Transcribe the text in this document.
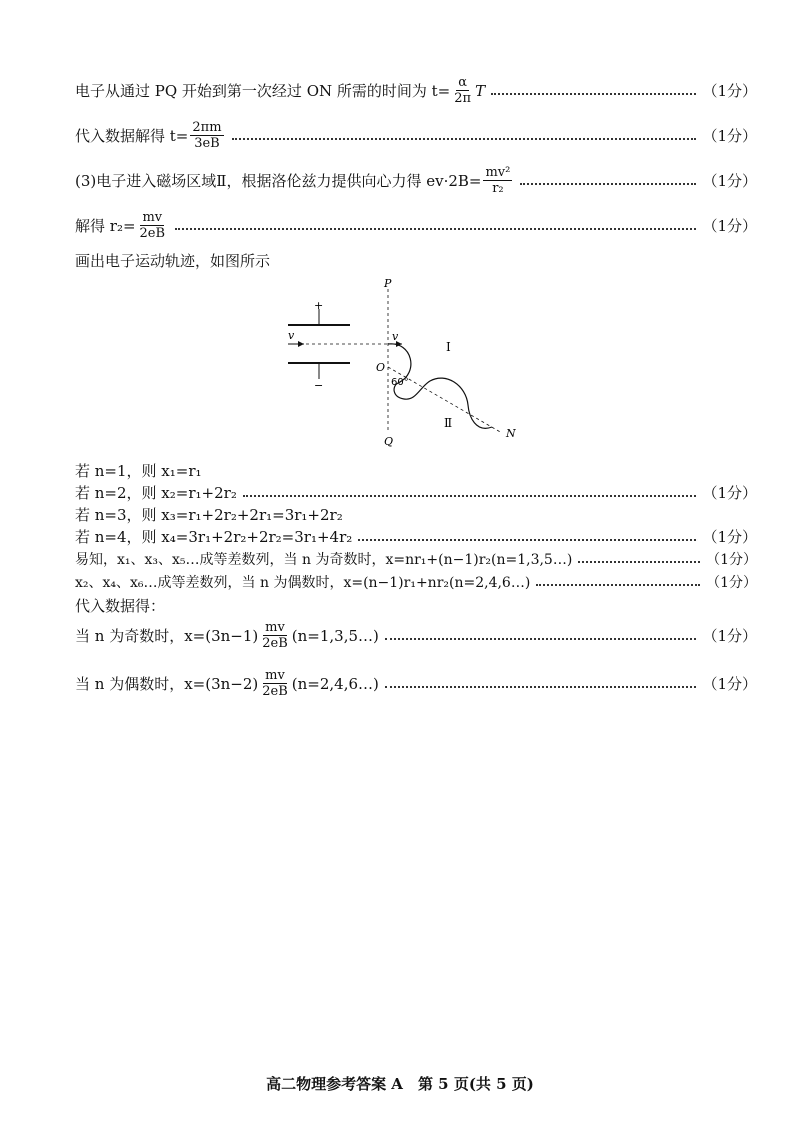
电子从通过 PQ 开始到第一次经过 ON 所需的时间为 $t= \frac{\alpha}{2\pi}$ T	（1分）
代入数据解得 $t= \frac{2\pi m}{3eB}$	（1分）
(3)电子进入磁场区域Ⅱ，根据洛伦兹力提供向心力得 $ev\cdot 2B= \frac{\text{mv²}}{\text{r₂}}$	（1分）
解得 $r_2= \frac{mv}{2eB}$	（1分）
画出电子运动轨迹，如图所示
+
−
v
P
Q
O
v
N
60°
Ⅰ
Ⅱ
若 n=1，则 x₁=r₁
若 n=2，则 x₂=r₁+2r₂	（1分）
若 n=3，则 x₃=r₁+2r₂+2r₁=3r₁+2r₂
若 n=4，则 x₄=3r₁+2r₂+2r₂=3r₁+4r₂	（1分）
易知，x₁、x₃、x₅…成等差数列，当 n 为奇数时，x=nr₁+(n−1)r₂(n=1,3,5…)	（1分）
x₂、x₄、x₆…成等差数列，当 n 为偶数时，x=(n−1)r₁+nr₂(n=2,4,6…)	（1分）
代入数据得：
当 n 为奇数时，$x=(3n-1) \frac{mv}{2eB}$ (n=1,3,5…)	（1分）
当 n 为偶数时，$x=(3n-2) \frac{mv}{2eB}$ (n=2,4,6…)	（1分）
高二物理参考答案 A　第 5 页(共 5 页)
